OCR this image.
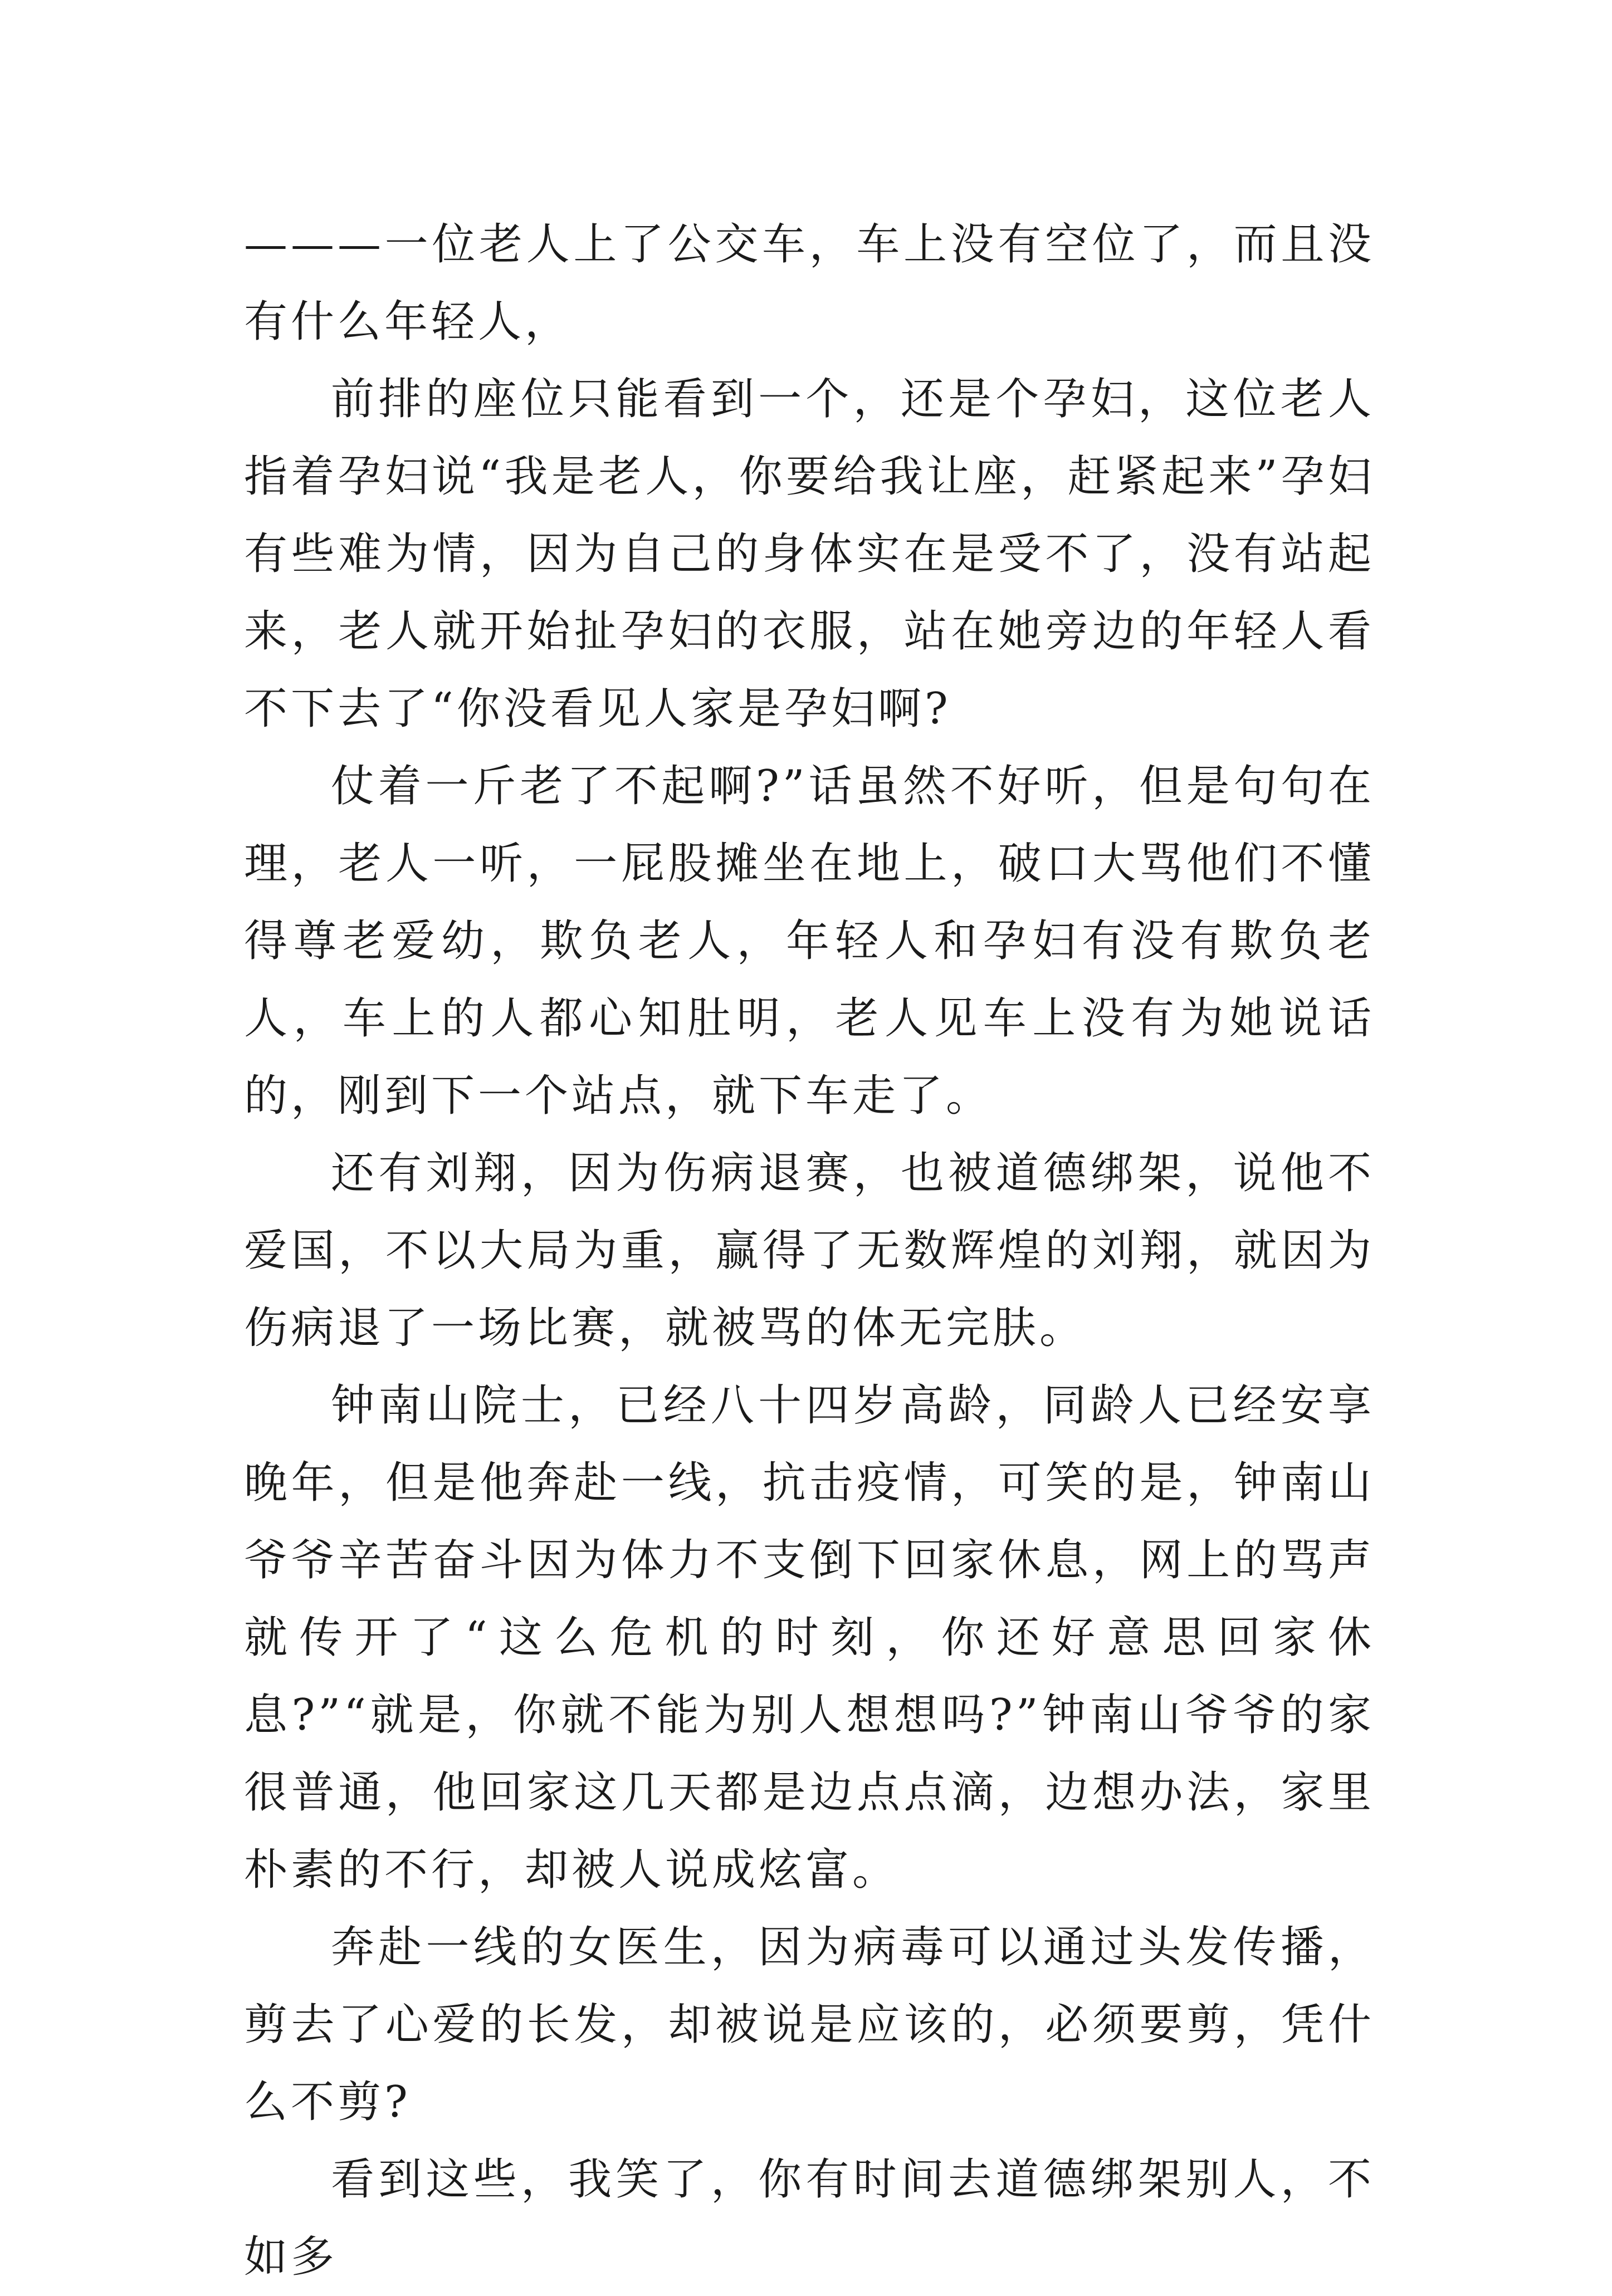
———一位老人上了公交车，车上没有空位了，而且没有什么年轻人，

前排的座位只能看到一个，还是个孕妇，这位老人指着孕妇说“我是老人，你要给我让座，赶紧起来”孕妇有些难为情，因为自己的身体实在是受不了，没有站起来，老人就开始扯孕妇的衣服，站在她旁边的年轻人看不下去了“你没看见人家是孕妇啊?

仗着一斤老了不起啊?”话虽然不好听，但是句句在理，老人一听，一屁股摊坐在地上，破口大骂他们不懂得尊老爱幼，欺负老人，年轻人和孕妇有没有欺负老人，车上的人都心知肚明，老人见车上没有为她说话的，刚到下一个站点，就下车走了。

还有刘翔，因为伤病退赛，也被道德绑架，说他不爱国，不以大局为重，赢得了无数辉煌的刘翔，就因为伤病退了一场比赛，就被骂的体无完肤。

钟南山院士，已经八十四岁高龄，同龄人已经安享晚年，但是他奔赴一线，抗击疫情，可笑的是，钟南山爷爷辛苦奋斗因为体力不支倒下回家休息，网上的骂声就传开了“这么危机的时刻，你还好意思回家休息?”“就是，你就不能为别人想想吗?”钟南山爷爷的家很普通，他回家这几天都是边点点滴，边想办法，家里朴素的不行，却被人说成炫富。

奔赴一线的女医生，因为病毒可以通过头发传播，剪去了心爱的长发，却被说是应该的，必须要剪，凭什么不剪?

看到这些，我笑了，你有时间去道德绑架别人，不如多
